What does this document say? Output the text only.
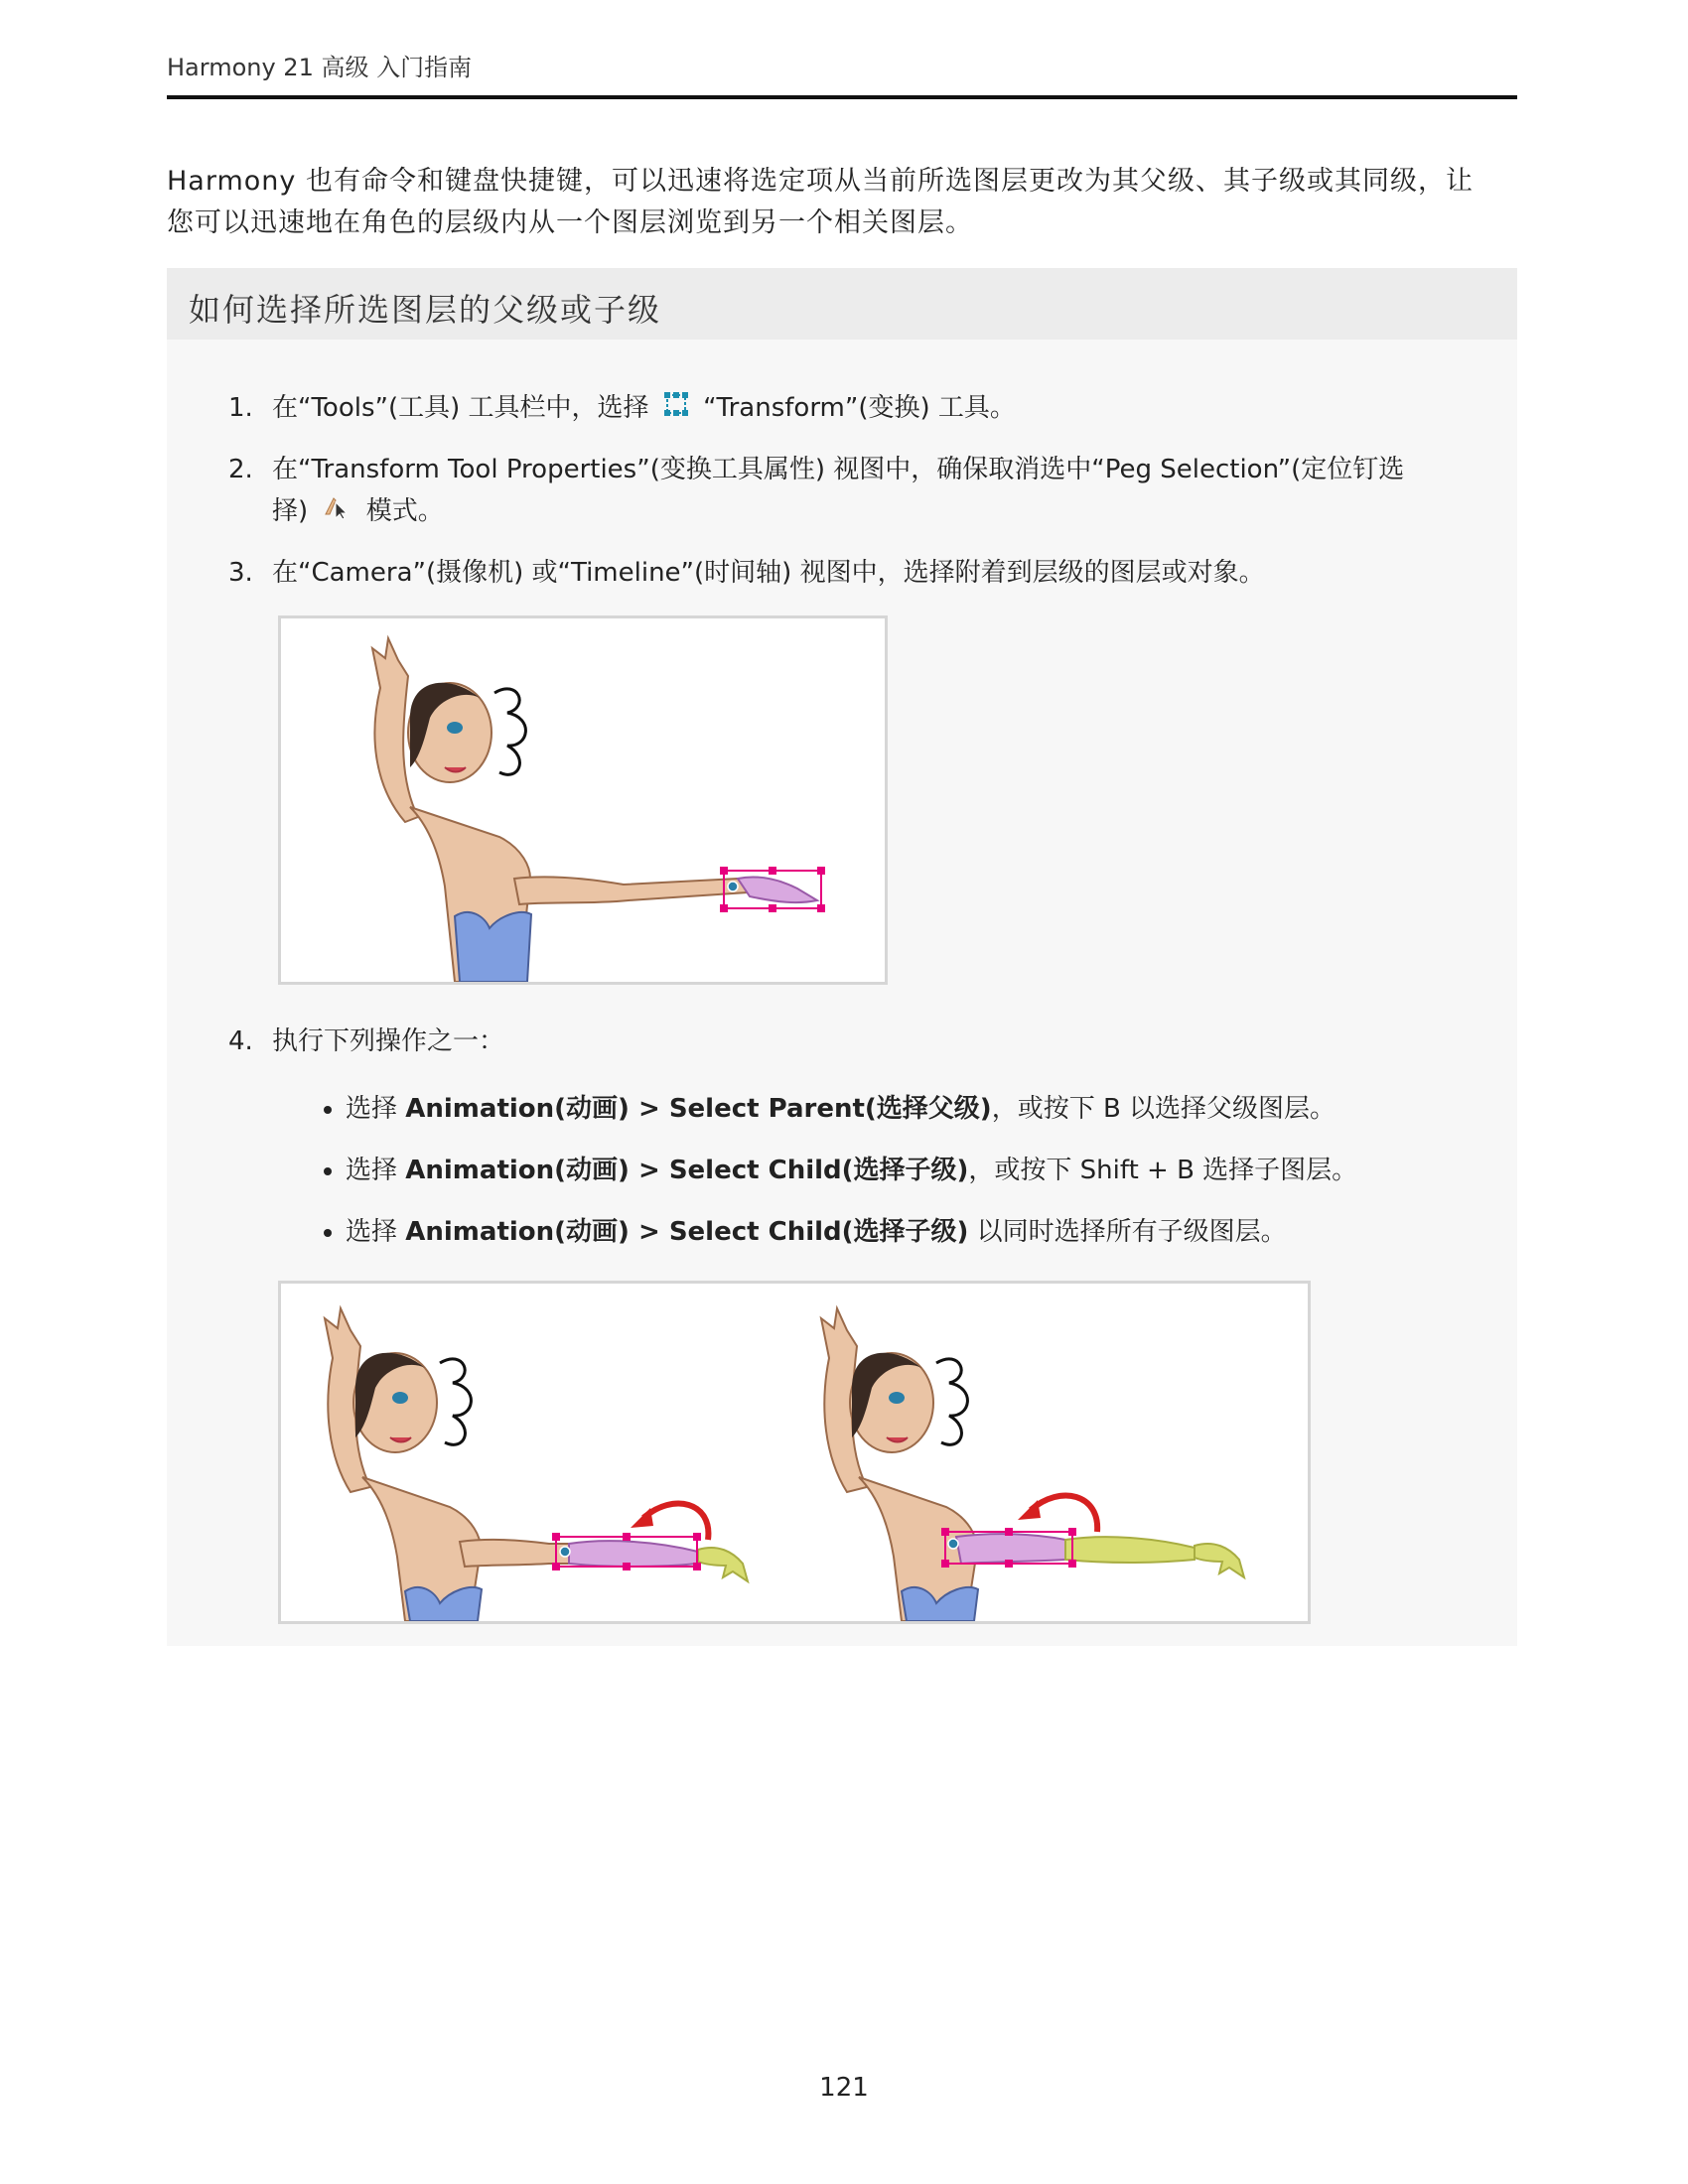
Harmony 21 高级 入门指南
Harmony 也有命令和键盘快捷键，可以迅速将选定项从当前所选图层更改为其父级、其子级或其同级，让您可以迅速地在角色的层级内从一个图层浏览到另一个相关图层。
如何选择所选图层的父级或子级
1. 在“Tools”(工具) 工具栏中，选择 “Transform”(变换) 工具。
2. 在“Transform Tool Properties”(变换工具属性) 视图中，确保取消选中“Peg Selection”(定位钉选择) 模式。
3. 在“Camera”(摄像机) 或“Timeline”(时间轴) 视图中，选择附着到层级的图层或对象。
4. 执行下列操作之一：
选择 Animation(动画) > Select Parent(选择父级)，或按下 B 以选择父级图层。
选择 Animation(动画) > Select Child(选择子级)，或按下 Shift + B 选择子图层。
选择 Animation(动画) > Select Child(选择子级) 以同时选择所有子级图层。
121
